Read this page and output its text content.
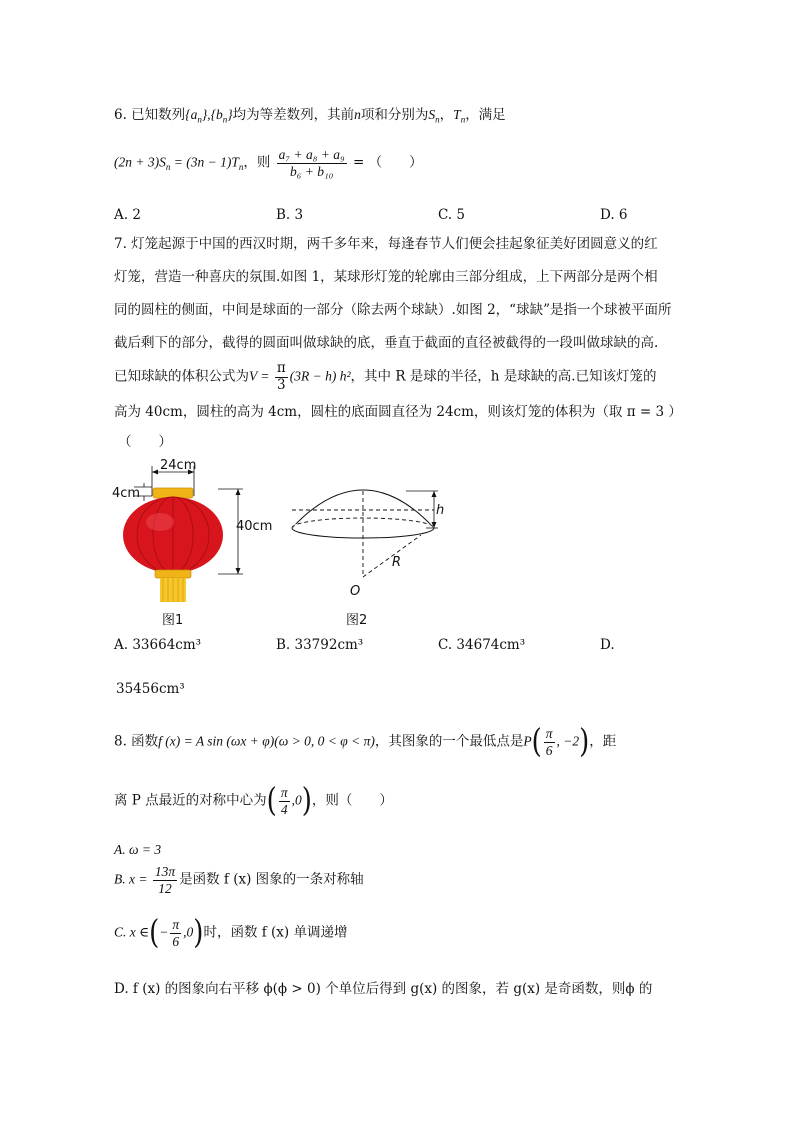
6. 已知数列$\{a_n\},\{b_n\}$均为等差数列，其前n项和分别为$S_n$，$T_n$，满足
$(2n + 3)S_n = (3n - 1)T_n$，则 $\frac{\text{a₇ + a₈ + a₉}}{\text{b₆ + b₁₀}}$ = （　　）
A. 2	B. 3	C. 5	D. 6
7. 灯笼起源于中国的西汉时期，两千多年来，每逢春节人们便会挂起象征美好团圆意义的红
灯笼，营造一种喜庆的氛围.如图 1，某球形灯笼的轮廓由三部分组成，上下两部分是两个相
同的圆柱的侧面，中间是球面的一部分（除去两个球缺）.如图 2，“球缺”是指一个球被平面所
截后剩下的部分，截得的圆面叫做球缺的底，垂直于截面的直径被截得的一段叫做球缺的高.
已知球缺的体积公式为$V = \frac{\pi}{3} (3R - h)$ h²，其中 R 是球的半径，h 是球缺的高.已知该灯笼的
高为 40cm，圆柱的高为 4cm，圆柱的底面圆直径为 24cm，则该灯笼的体积为（取 π = 3 ）
（　　）
24cm
4cm
40cm
图1
h
R
O
图2
A. 33664cm³	B. 33792cm³	C. 34674cm³	D.
35456cm³
8. 函数f (x) = A sin (ωx + φ)(ω > 0, 0 < φ < π)，其图象的一个最低点是$P( \frac{\pi}{6}$ , −2)，距
离 P 点最近的对称中心为( $\frac{\pi}{4} ,0$)，则（　　）
A. ω = 3
B. $x = \frac{13\pi}{12}$ 是函数 f (x) 图象的一条对称轴
C. x ∈(− $\frac{\pi}{6} ,0$)时，函数 f (x) 单调递增
D. f (x) 的图象向右平移 ϕ(ϕ > 0) 个单位后得到 g(x) 的图象，若 g(x) 是奇函数，则ϕ 的
